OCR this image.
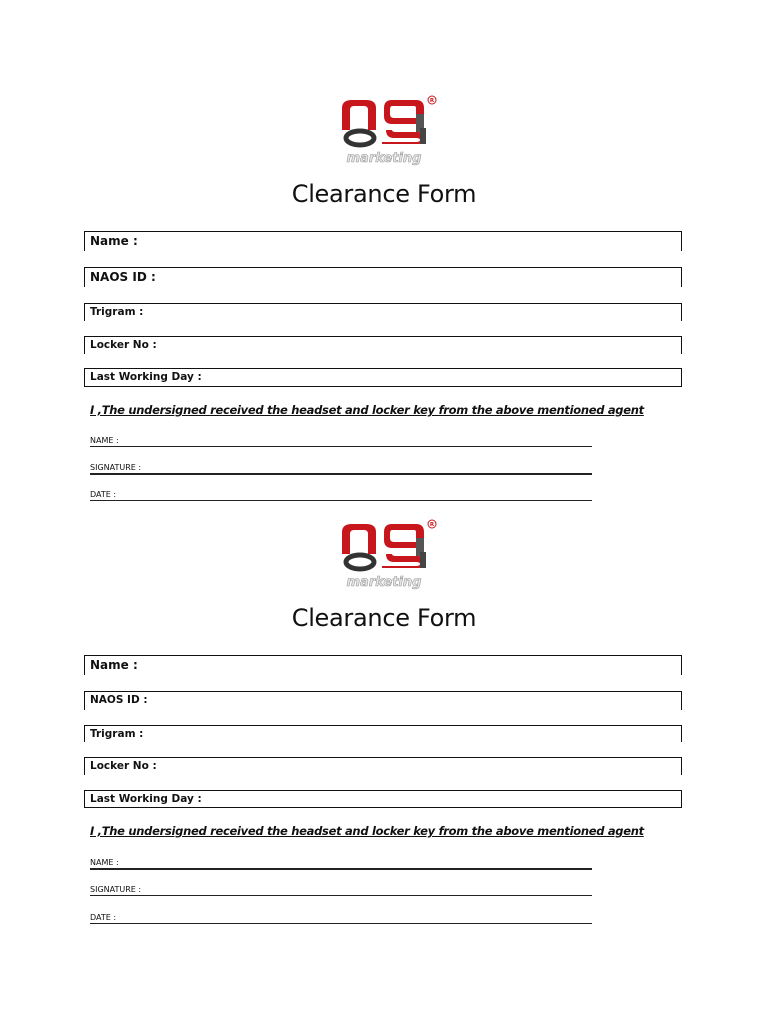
R
marketing
Clearance Form
Name :
NAOS ID :
Trigram :
Locker No :
Last Working Day :
I ,The undersigned received the headset and locker key from the above mentioned agent
NAME :
SIGNATURE :
DATE :
R
marketing
Clearance Form
Name :
NAOS ID :
Trigram :
Locker No :
Last Working Day :
I ,The undersigned received the headset and locker key from the above mentioned agent
NAME :
SIGNATURE :
DATE :
